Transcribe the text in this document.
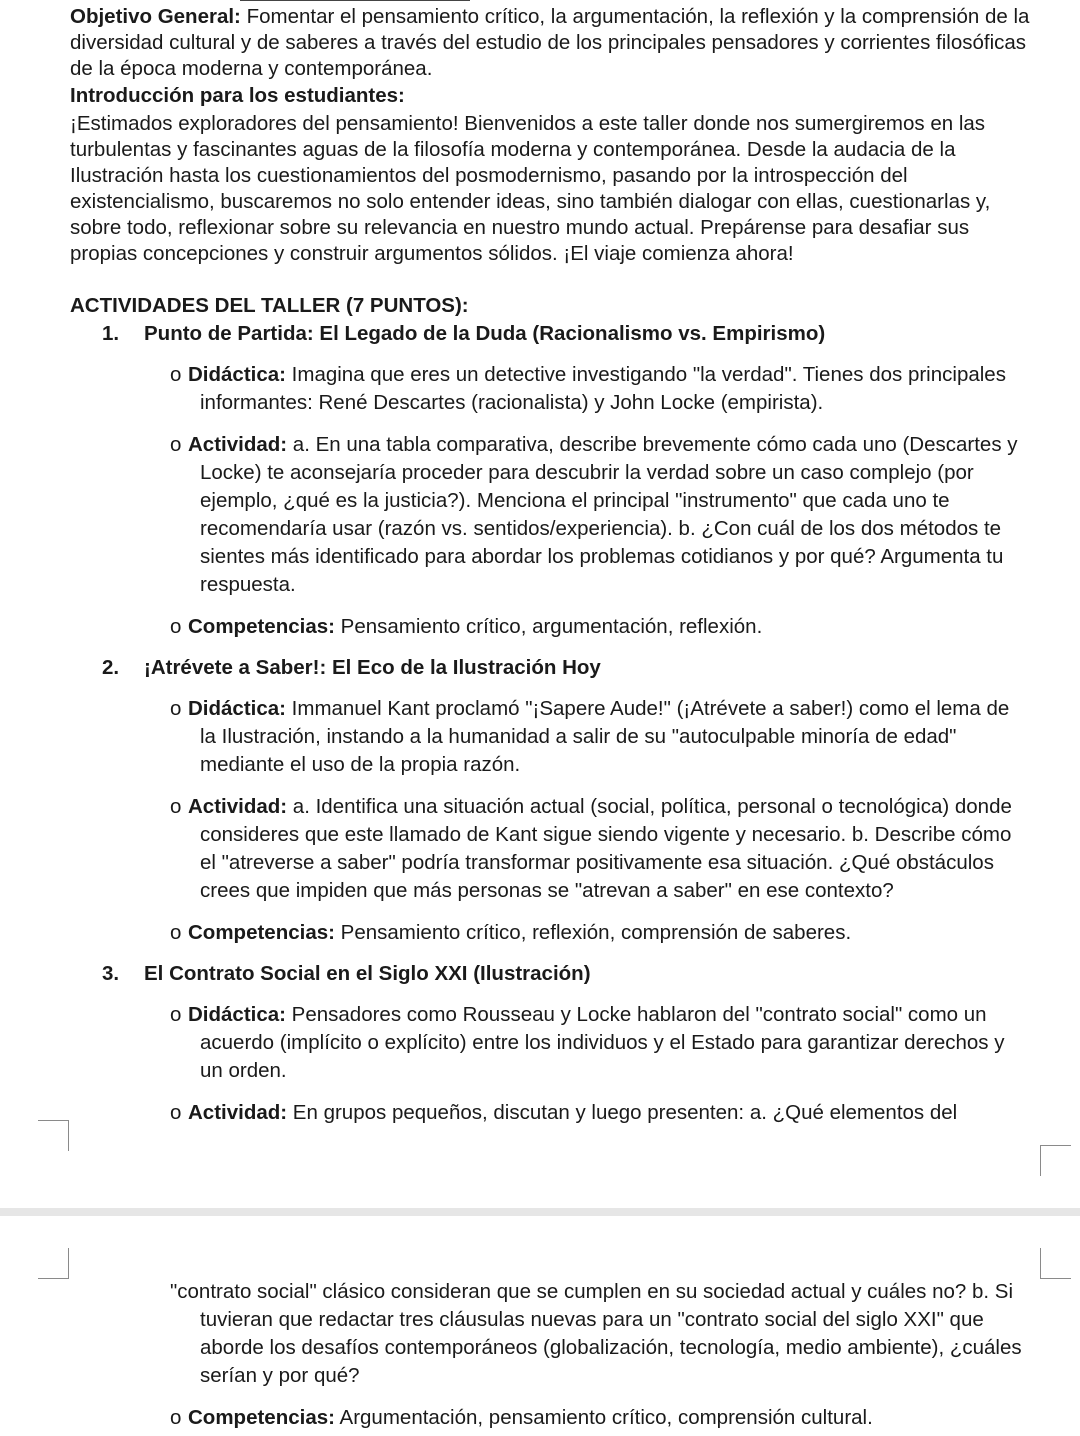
Objetivo General: Fomentar el pensamiento crítico, la argumentación, la reflexión y la comprensión de la diversidad cultural y de saberes a través del estudio de los principales pensadores y corrientes filosóficas de la época moderna y contemporánea.

Introducción para los estudiantes:

¡Estimados exploradores del pensamiento! Bienvenidos a este taller donde nos sumergiremos en las turbulentas y fascinantes aguas de la filosofía moderna y contemporánea. Desde la audacia de la Ilustración hasta los cuestionamientos del posmodernismo, pasando por la introspección del existencialismo, buscaremos no solo entender ideas, sino también dialogar con ellas, cuestionarlas y, sobre todo, reflexionar sobre su relevancia en nuestro mundo actual. Prepárense para desafiar sus propias concepciones y construir argumentos sólidos. ¡El viaje comienza ahora!

ACTIVIDADES DEL TALLER (7 PUNTOS):
1.	Punto de Partida: El Legado de la Duda (Racionalismo vs. Empirismo)

o Didáctica: Imagina que eres un detective investigando "la verdad". Tienes dos principales informantes: René Descartes (racionalista) y John Locke (empirista).

o Actividad: a. En una tabla comparativa, describe brevemente cómo cada uno (Descartes y Locke) te aconsejaría proceder para descubrir la verdad sobre un caso complejo (por ejemplo, ¿qué es la justicia?). Menciona el principal "instrumento" que cada uno te recomendaría usar (razón vs. sentidos/experiencia). b. ¿Con cuál de los dos métodos te sientes más identificado para abordar los problemas cotidianos y por qué? Argumenta tu respuesta.

o Competencias: Pensamiento crítico, argumentación, reflexión.

2.	¡Atrévete a Saber!: El Eco de la Ilustración Hoy

o Didáctica: Immanuel Kant proclamó "¡Sapere Aude!" (¡Atrévete a saber!) como el lema de la Ilustración, instando a la humanidad a salir de su "autoculpable minoría de edad" mediante el uso de la propia razón.

o Actividad: a. Identifica una situación actual (social, política, personal o tecnológica) donde consideres que este llamado de Kant sigue siendo vigente y necesario. b. Describe cómo el "atreverse a saber" podría transformar positivamente esa situación. ¿Qué obstáculos crees que impiden que más personas se "atrevan a saber" en ese contexto?

o Competencias: Pensamiento crítico, reflexión, comprensión de saberes.

3.	El Contrato Social en el Siglo XXI (Ilustración)

o Didáctica: Pensadores como Rousseau y Locke hablaron del "contrato social" como un acuerdo (implícito o explícito) entre los individuos y el Estado para garantizar derechos y un orden.

o Actividad: En grupos pequeños, discutan y luego presenten: a. ¿Qué elementos del

"contrato social" clásico consideran que se cumplen en su sociedad actual y cuáles no? b. Si tuvieran que redactar tres cláusulas nuevas para un "contrato social del siglo XXI" que aborde los desafíos contemporáneos (globalización, tecnología, medio ambiente), ¿cuáles serían y por qué?

o Competencias: Argumentación, pensamiento crítico, comprensión cultural.
